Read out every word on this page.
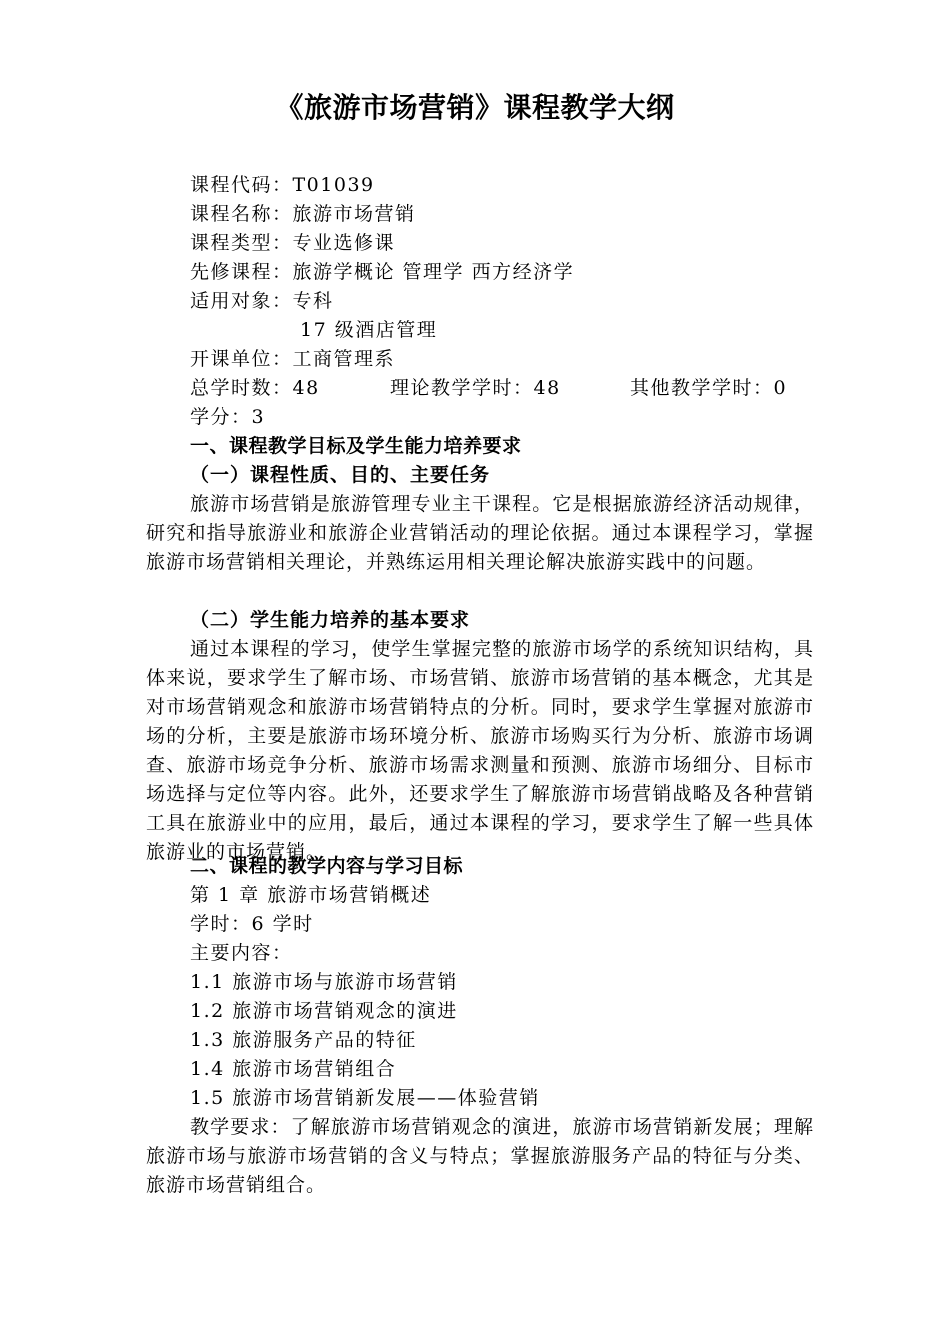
《旅游市场营销》课程教学大纲
课程代码：T01039
课程名称：旅游市场营销
课程类型：专业选修课
先修课程：旅游学概论 管理学 西方经济学
适用对象：专科
17 级酒店管理
开课单位：工商管理系
总学时数：48	理论教学学时：48	其他教学学时：0
学分：3
一、课程教学目标及学生能力培养要求
（一）课程性质、目的、主要任务
旅游市场营销是旅游管理专业主干课程。它是根据旅游经济活动规律，研究和指导旅游业和旅游企业营销活动的理论依据。通过本课程学习，掌握旅游市场营销相关理论，并熟练运用相关理论解决旅游实践中的问题。
（二）学生能力培养的基本要求
通过本课程的学习，使学生掌握完整的旅游市场学的系统知识结构，具体来说，要求学生了解市场、市场营销、旅游市场营销的基本概念，尤其是对市场营销观念和旅游市场营销特点的分析。同时，要求学生掌握对旅游市场的分析，主要是旅游市场环境分析、旅游市场购买行为分析、旅游市场调查、旅游市场竞争分析、旅游市场需求测量和预测、旅游市场细分、目标市场选择与定位等内容。此外，还要求学生了解旅游市场营销战略及各种营销工具在旅游业中的应用，最后，通过本课程的学习，要求学生了解一些具体旅游业的市场营销。
二、课程的教学内容与学习目标
第 1 章 旅游市场营销概述
学时：6 学时
主要内容：
1.1 旅游市场与旅游市场营销
1.2 旅游市场营销观念的演进
1.3 旅游服务产品的特征
1.4 旅游市场营销组合
1.5 旅游市场营销新发展——体验营销
教学要求：了解旅游市场营销观念的演进，旅游市场营销新发展；理解旅游市场与旅游市场营销的含义与特点；掌握旅游服务产品的特征与分类、旅游市场营销组合。
